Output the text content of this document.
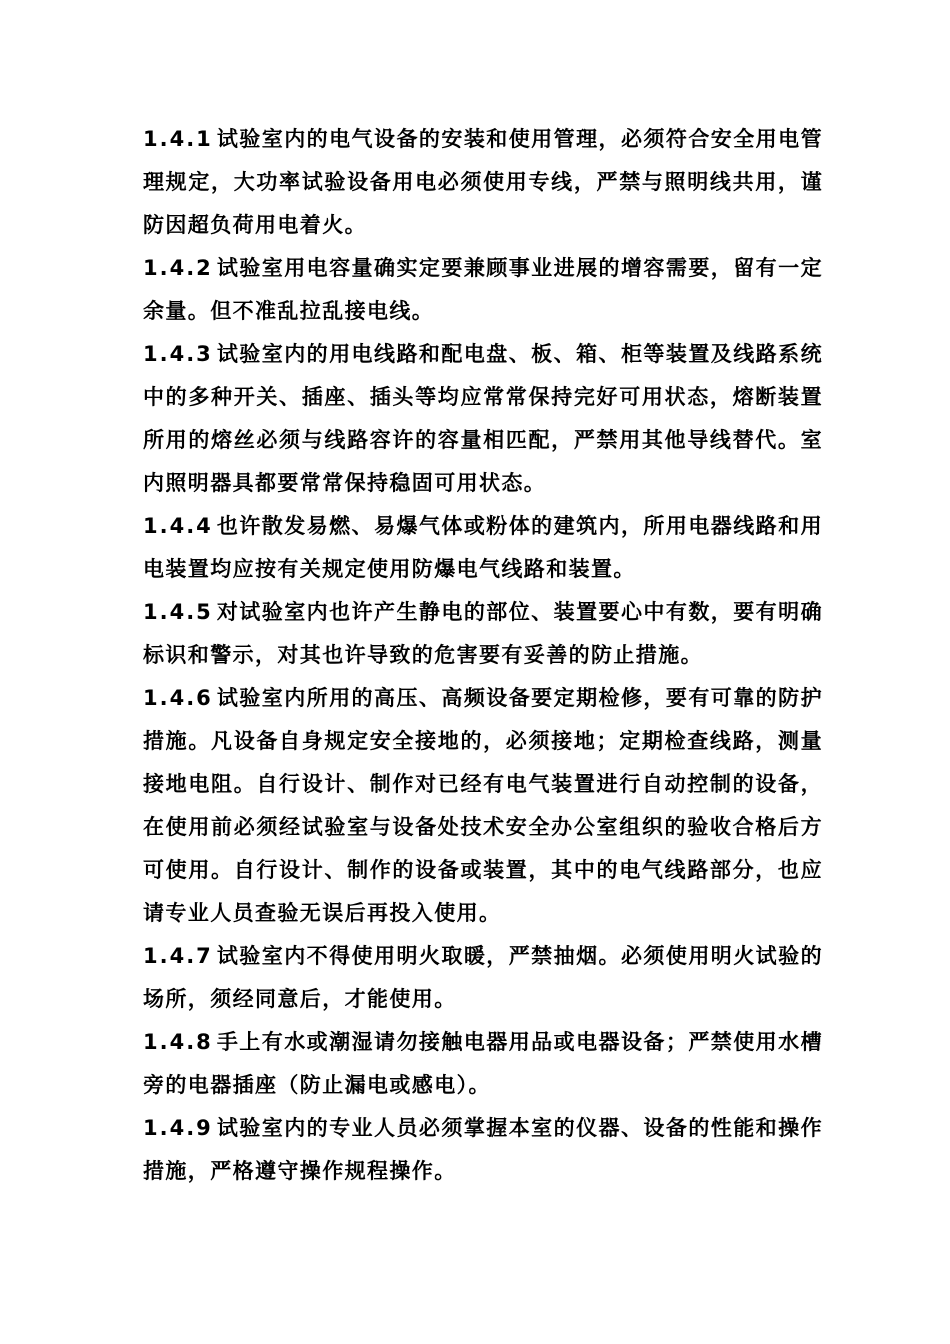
1.4.1 试验室内的电气设备的安装和使用管理，必须符合安全用电管理规定，大功率试验设备用电必须使用专线，严禁与照明线共用，谨防因超负荷用电着火。

1.4.2 试验室用电容量确实定要兼顾事业进展的增容需要，留有一定余量。但不准乱拉乱接电线。

1.4.3 试验室内的用电线路和配电盘、板、箱、柜等装置及线路系统中的多种开关、插座、插头等均应常常保持完好可用状态，熔断装置所用的熔丝必须与线路容许的容量相匹配，严禁用其他导线替代。室内照明器具都要常常保持稳固可用状态。

1.4.4 也许散发易燃、易爆气体或粉体的建筑内，所用电器线路和用电装置均应按有关规定使用防爆电气线路和装置。

1.4.5 对试验室内也许产生静电的部位、装置要心中有数，要有明确标识和警示，对其也许导致的危害要有妥善的防止措施。

1.4.6 试验室内所用的高压、高频设备要定期检修，要有可靠的防护措施。凡设备自身规定安全接地的，必须接地；定期检查线路，测量接地电阻。自行设计、制作对已经有电气装置进行自动控制的设备，在使用前必须经试验室与设备处技术安全办公室组织的验收合格后方可使用。自行设计、制作的设备或装置，其中的电气线路部分，也应请专业人员查验无误后再投入使用。

1.4.7 试验室内不得使用明火取暖，严禁抽烟。必须使用明火试验的场所，须经同意后，才能使用。

1.4.8 手上有水或潮湿请勿接触电器用品或电器设备；严禁使用水槽旁的电器插座（防止漏电或感电）。

1.4.9 试验室内的专业人员必须掌握本室的仪器、设备的性能和操作措施，严格遵守操作规程操作。
